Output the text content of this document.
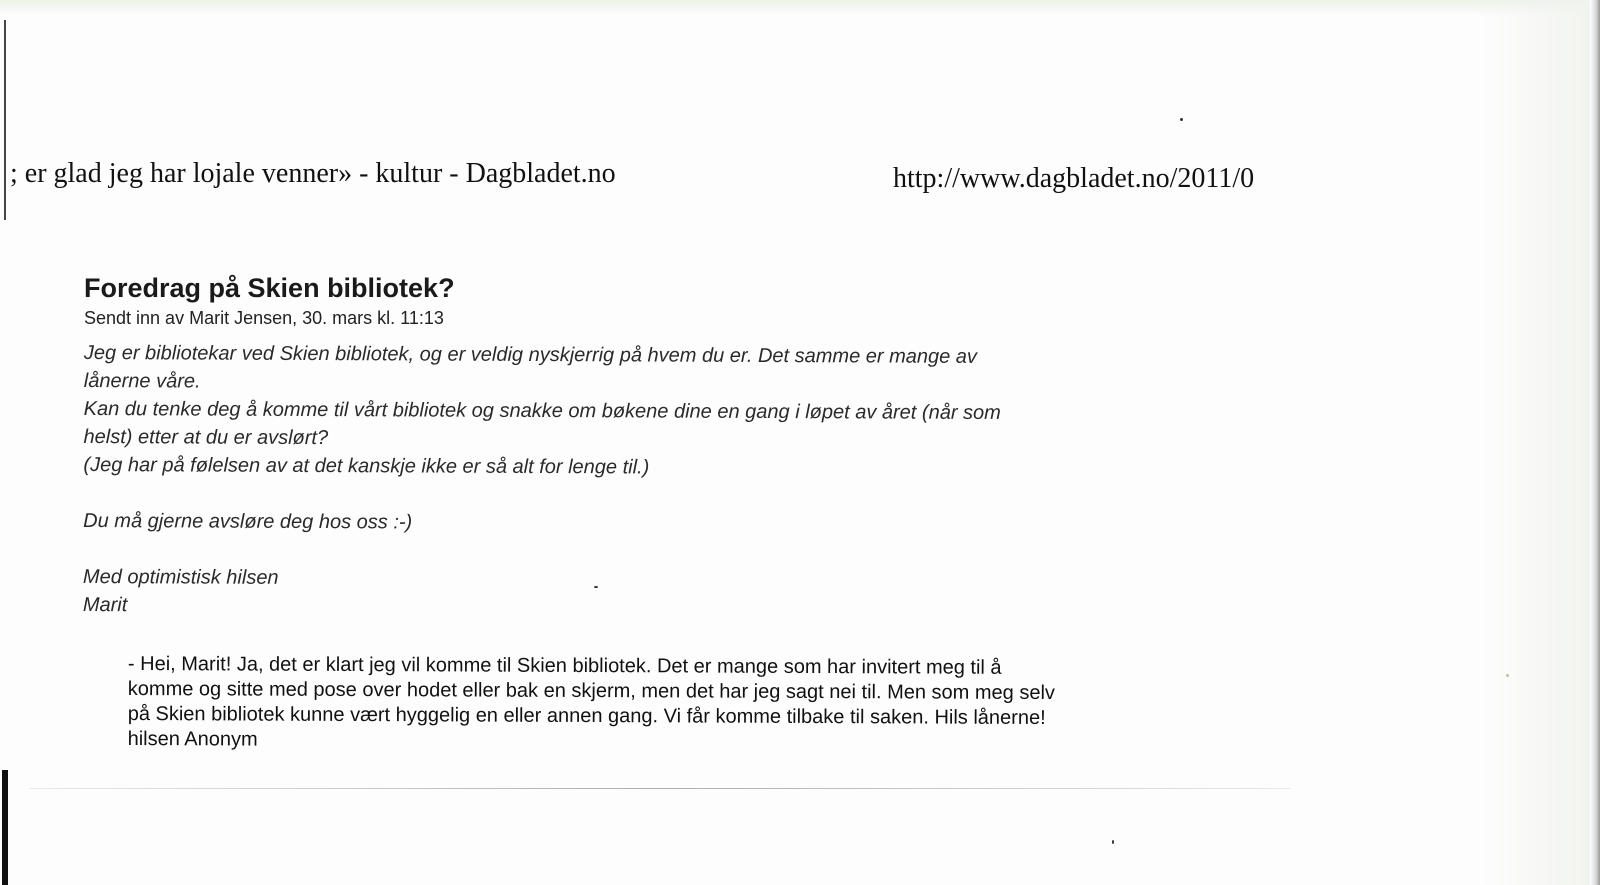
; er glad jeg har lojale venner» - kultur - Dagbladet.no	http://www.dagbladet.no/2011/0
Foredrag på Skien bibliotek?
Sendt inn av Marit Jensen, 30. mars kl. 11:13

Jeg er bibliotekar ved Skien bibliotek, og er veldig nyskjerrig på hvem du er. Det samme er mange av

lånerne våre.

Kan du tenke deg å komme til vårt bibliotek og snakke om bøkene dine en gang i løpet av året (når som

helst) etter at du er avslørt?

(Jeg har på følelsen av at det kanskje ikke er så alt for lenge til.)

Du må gjerne avsløre deg hos oss :-)

Med optimistisk hilsen

Marit

- Hei, Marit! Ja, det er klart jeg vil komme til Skien bibliotek. Det er mange som har invitert meg til å

komme og sitte med pose over hodet eller bak en skjerm, men det har jeg sagt nei til. Men som meg selv

på Skien bibliotek kunne vært hyggelig en eller annen gang. Vi får komme tilbake til saken. Hils lånerne!

hilsen Anonym
